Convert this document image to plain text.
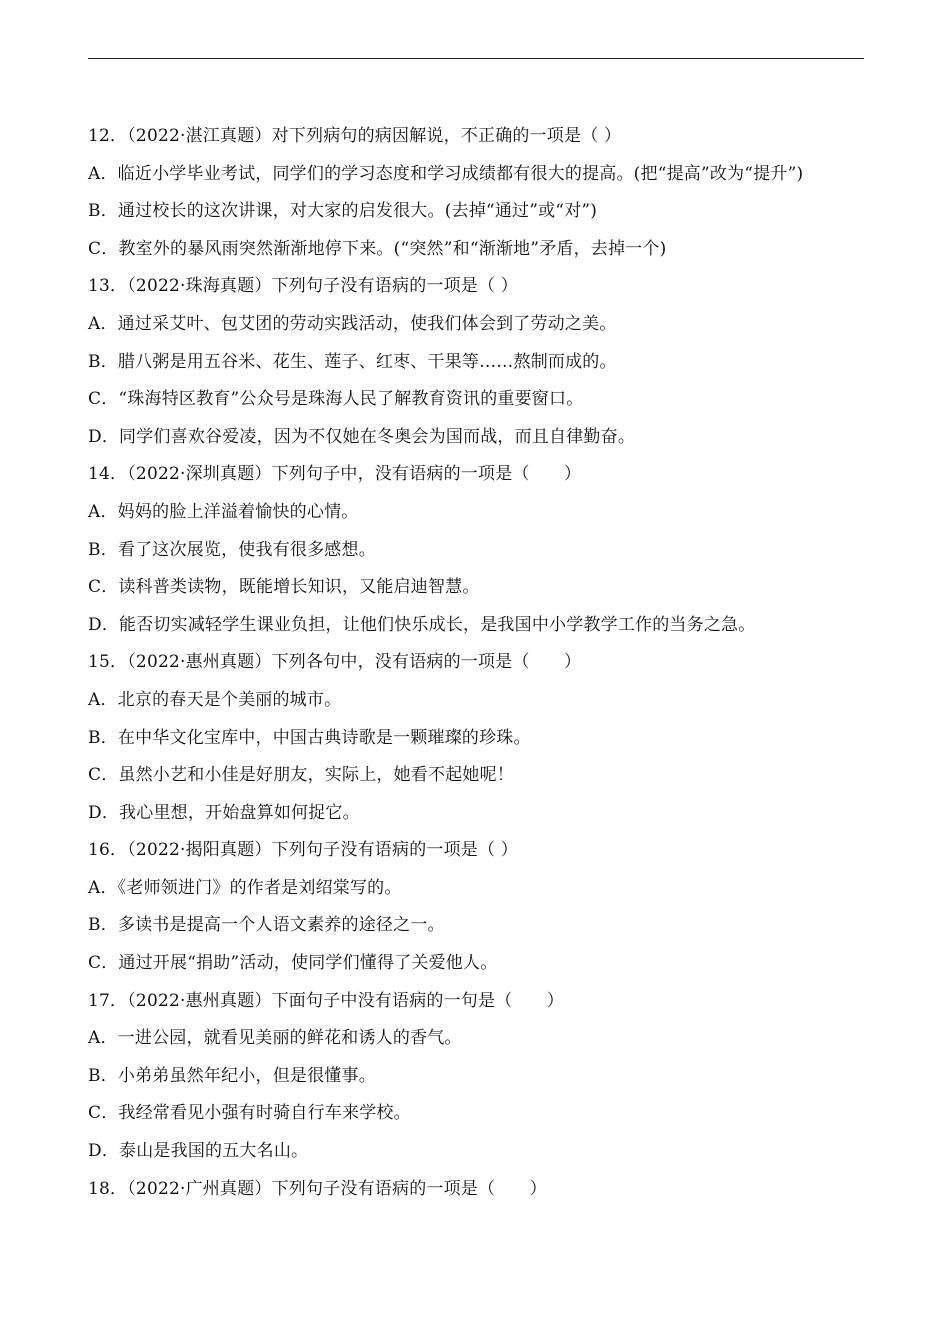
12．（2022·湛江真题）对下列病句的病因解说，不正确的一项是（ ）
A．临近小学毕业考试，同学们的学习态度和学习成绩都有很大的提高。(把“提高”改为“提升”)
B．通过校长的这次讲课，对大家的启发很大。(去掉“通过”或“对”)
C．教室外的暴风雨突然渐渐地停下来。(“突然”和“渐渐地”矛盾，去掉一个)
13．（2022·珠海真题）下列句子没有语病的一项是（ ）
A．通过采艾叶、包艾团的劳动实践活动，使我们体会到了劳动之美。
B．腊八粥是用五谷米、花生、莲子、红枣、干果等……熬制而成的。
C．“珠海特区教育”公众号是珠海人民了解教育资讯的重要窗口。
D．同学们喜欢谷爱凌，因为不仅她在冬奥会为国而战，而且自律勤奋。
14．（2022·深圳真题）下列句子中，没有语病的一项是（　　）
A．妈妈的脸上洋溢着愉快的心情。
B．看了这次展览，使我有很多感想。
C．读科普类读物，既能增长知识，又能启迪智慧。
D．能否切实减轻学生课业负担，让他们快乐成长，是我国中小学教学工作的当务之急。
15．（2022·惠州真题）下列各句中，没有语病的一项是（　　）
A．北京的春天是个美丽的城市。
B．在中华文化宝库中，中国古典诗歌是一颗璀璨的珍珠。
C．虽然小艺和小佳是好朋友，实际上，她看不起她呢！
D．我心里想，开始盘算如何捉它。
16．（2022·揭阳真题）下列句子没有语病的一项是（ ）
A．《老师领进门》的作者是刘绍棠写的。
B．多读书是提高一个人语文素养的途径之一。
C．通过开展“捐助”活动，使同学们懂得了关爱他人。
17．（2022·惠州真题）下面句子中没有语病的一句是（　　）
A．一进公园，就看见美丽的鲜花和诱人的香气。
B．小弟弟虽然年纪小，但是很懂事。
C．我经常看见小强有时骑自行车来学校。
D．泰山是我国的五大名山。
18．（2022·广州真题）下列句子没有语病的一项是（　　）
